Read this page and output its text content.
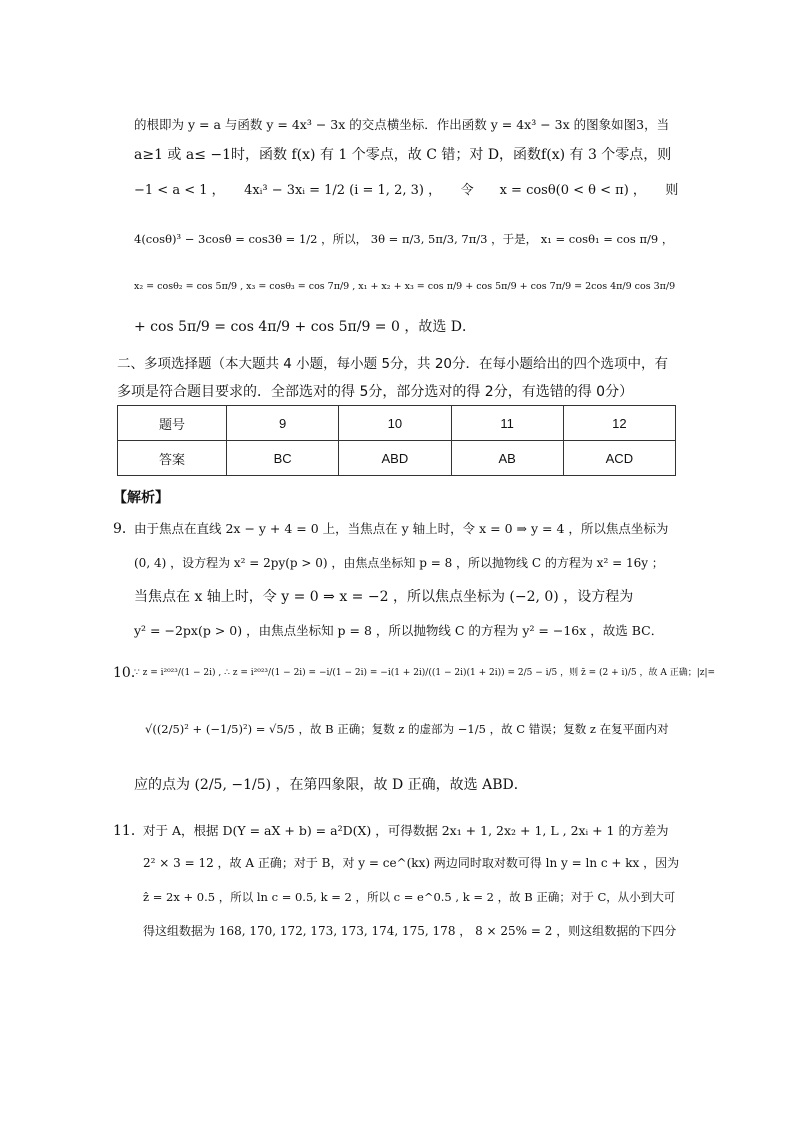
的根即为 y = a 与函数 y = 4x³ − 3x 的交点横坐标．作出函数 y = 4x³ − 3x 的图象如图3，当
a≥1 或 a≤ −1时，函数 f(x) 有 1 个零点，故 C 错；对 D，函数f(x) 有 3 个零点，则
−1 < a < 1 ，　　4xᵢ³ − 3xᵢ = 1/2 (i = 1, 2, 3) ，　　令　　x = cosθ(0 < θ < π) ，　　则
4(cosθ)³ − 3cosθ = cos3θ = 1/2 ，所以， 3θ = π/3, 5π/3, 7π/3 ，于是， x₁ = cosθ₁ = cos π/9 ，
x₂ = cosθ₂ = cos 5π/9 , x₃ = cosθ₃ = cos 7π/9 , x₁ + x₂ + x₃ = cos π/9 + cos 5π/9 + cos 7π/9 = 2cos 4π/9 cos 3π/9
+ cos 5π/9 = cos 4π/9 + cos 5π/9 = 0 ，故选 D．
二、多项选择题（本大题共 4 小题，每小题 5分，共 20分．在每小题给出的四个选项中，有
多项是符合题目要求的．全部选对的得 5分，部分选对的得 2分，有选错的得 0分）
题号	9	10	11	12
答案	BC	ABD	AB	ACD
【解析】
9．
由于焦点在直线 2x − y + 4 = 0 上，当焦点在 y 轴上时，令 x = 0 ⇒ y = 4 ，所以焦点坐标为
(0, 4) ，设方程为 x² = 2py(p > 0) ，由焦点坐标知 p = 8 ，所以抛物线 C 的方程为 x² = 16y ；
当焦点在 x 轴上时，令 y = 0 ⇒ x = −2 ，所以焦点坐标为 (−2, 0) ，设方程为
y² = −2px(p > 0) ，由焦点坐标知 p = 8 ，所以抛物线 C 的方程为 y² = −16x ，故选 BC．
10．
∵ z = i²⁰²³/(1 − 2i) , ∴ z = i²⁰²³/(1 − 2i) = −i/(1 − 2i) = −i(1 + 2i)/((1 − 2i)(1 + 2i)) = 2/5 − i/5 ，则 z̄ = (2 + i)/5 ，故 A 正确；|z|=
√((2/5)² + (−1/5)²) = √5/5 ，故 B 正确；复数 z 的虚部为 −1/5 ，故 C 错误；复数 z 在复平面内对
应的点为 (2/5, −1/5) ，在第四象限，故 D 正确，故选 ABD．
11．
对于 A，根据 D(Y = aX + b) = a²D(X) ，可得数据 2x₁ + 1, 2x₂ + 1, L , 2xᵢ + 1 的方差为
2² × 3 = 12 ，故 A 正确；对于 B，对 y = ce^(kx) 两边同时取对数可得 ln y = ln c + kx ，因为
ẑ = 2x + 0.5 ，所以 ln c = 0.5, k = 2 ，所以 c = e^0.5 , k = 2 ，故 B 正确；对于 C，从小到大可
得这组数据为 168, 170, 172, 173, 173, 174, 175, 178 ， 8 × 25% = 2 ，则这组数据的下四分
